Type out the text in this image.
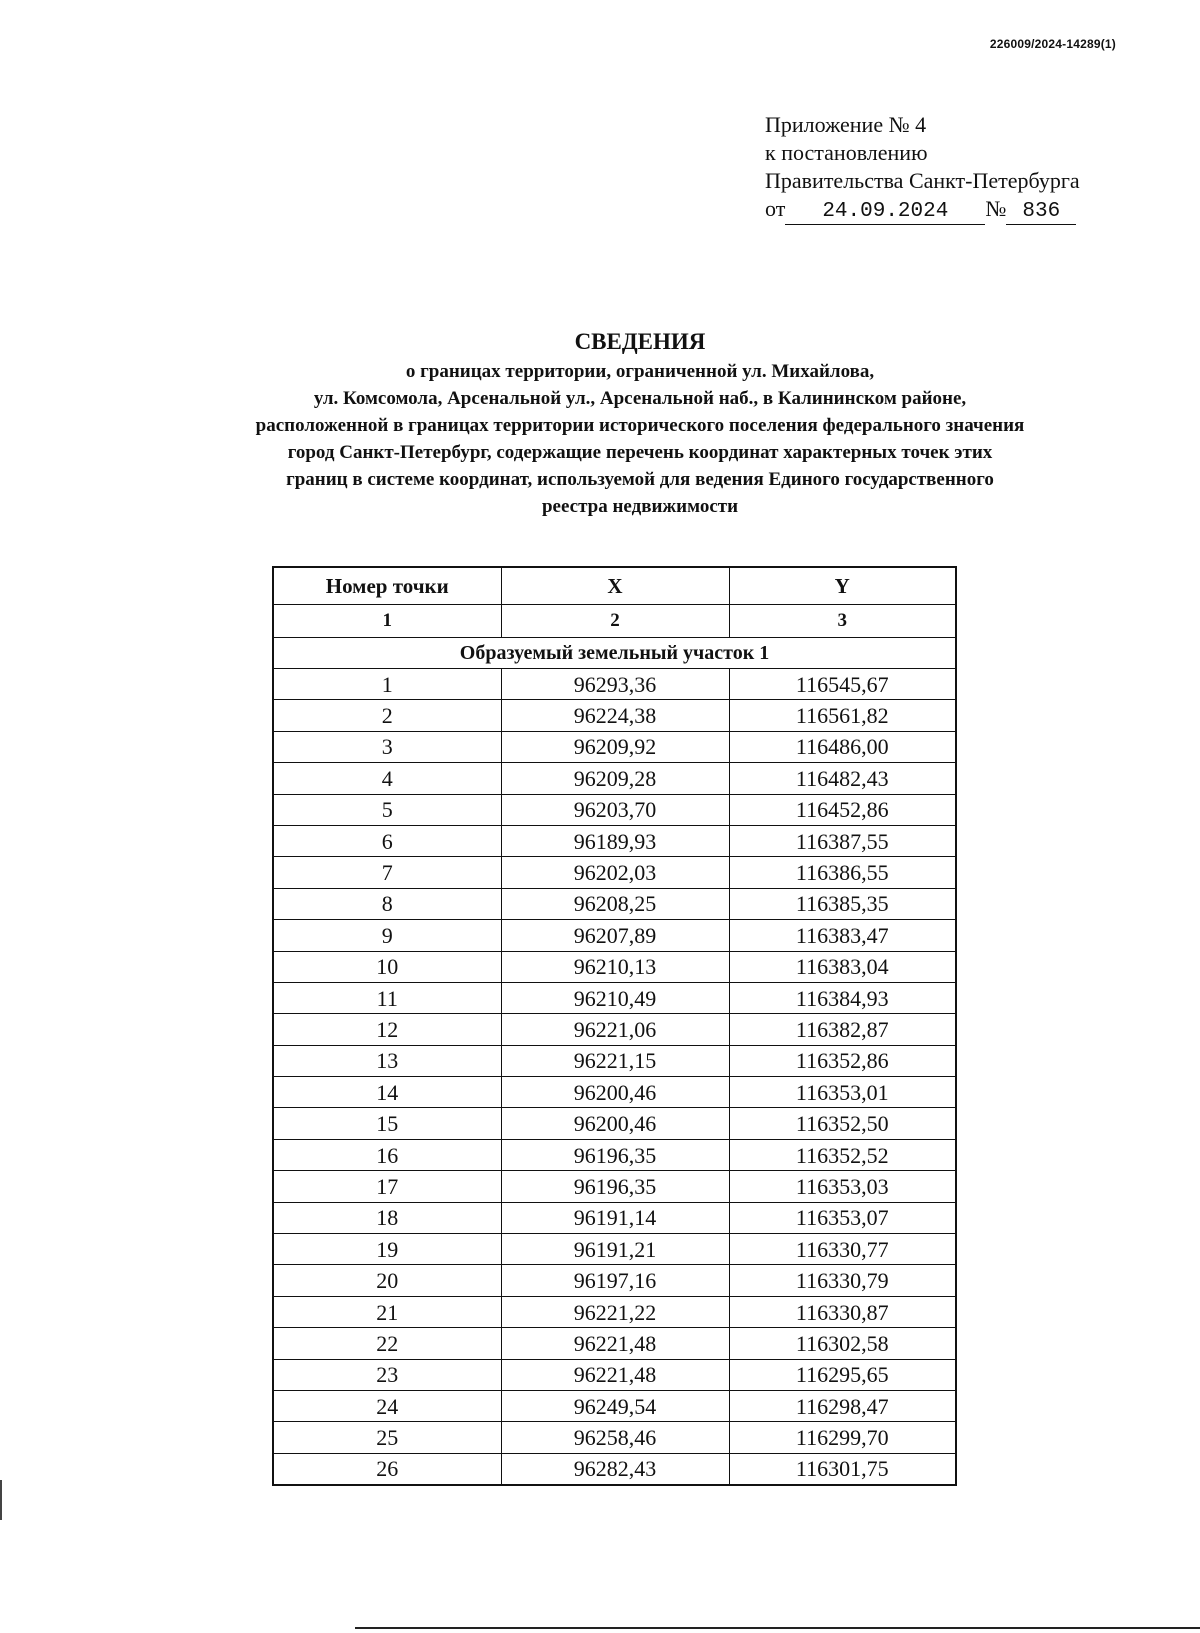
226009/2024-14289(1)
Приложение № 4
к постановлению
Правительства Санкт-Петербурга
от 24.09.2024 № 836
СВЕДЕНИЯ
о границах территории, ограниченной ул. Михайлова,
ул. Комсомола, Арсенальной ул., Арсенальной наб., в Калининском районе,
расположенной в границах территории исторического поселения федерального значения
город Санкт-Петербург, содержащие перечень координат характерных точек этих
границ в системе координат, используемой для ведения Единого государственного
реестра недвижимости
Номер точки	X	Y
1	2	3
Образуемый земельный участок 1		
1	96293,36	116545,67
2	96224,38	116561,82
3	96209,92	116486,00
4	96209,28	116482,43
5	96203,70	116452,86
6	96189,93	116387,55
7	96202,03	116386,55
8	96208,25	116385,35
9	96207,89	116383,47
10	96210,13	116383,04
11	96210,49	116384,93
12	96221,06	116382,87
13	96221,15	116352,86
14	96200,46	116353,01
15	96200,46	116352,50
16	96196,35	116352,52
17	96196,35	116353,03
18	96191,14	116353,07
19	96191,21	116330,77
20	96197,16	116330,79
21	96221,22	116330,87
22	96221,48	116302,58
23	96221,48	116295,65
24	96249,54	116298,47
25	96258,46	116299,70
26	96282,43	116301,75
